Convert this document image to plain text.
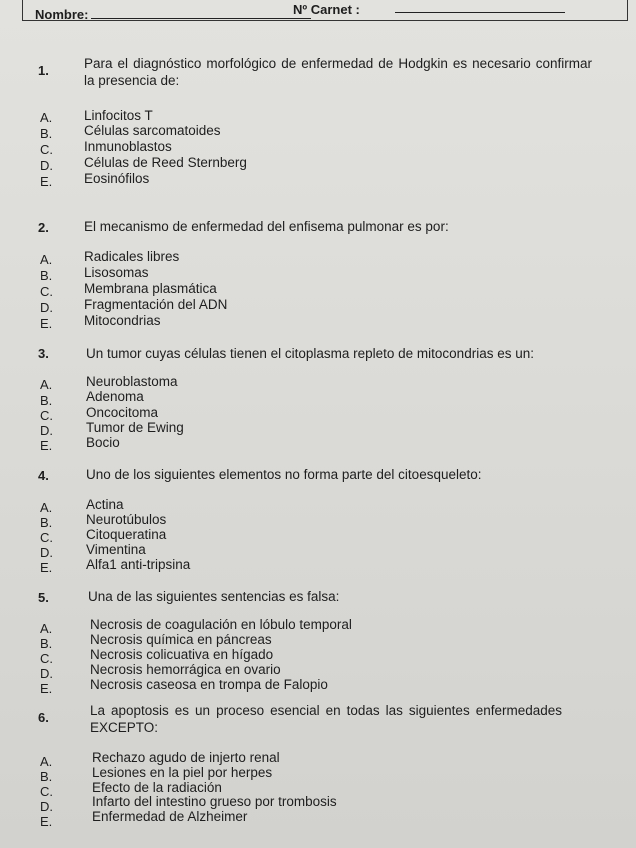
Nombre:	Nº Carnet :
1.	Para el diagnóstico morfológico de enfermedad de Hodgkin es necesario confirmar la presencia de:
A. Linfocitos T
B. Células sarcomatoides
C. Inmunoblastos
D. Células de Reed Sternberg
E. Eosinófilos
2.	El mecanismo de enfermedad del enfisema pulmonar es por:
A. Radicales libres
B. Lisosomas
C. Membrana plasmática
D. Fragmentación del ADN
E. Mitocondrias
3.	Un tumor cuyas células tienen el citoplasma repleto de mitocondrias es un:
A. Neuroblastoma
B. Adenoma
C. Oncocitoma
D. Tumor de Ewing
E. Bocio
4.	Uno de los siguientes elementos no forma parte del citoesqueleto:
A. Actina
B. Neurotúbulos
C. Citoqueratina
D. Vimentina
E. Alfa1 anti-tripsina
5.	Una de las siguientes sentencias es falsa:
A.	Necrosis de coagulación en lóbulo temporal
B.	Necrosis química en páncreas
C.	Necrosis colicuativa en hígado
D.	Necrosis hemorrágica en ovario
E.	Necrosis caseosa en trompa de Falopio
6.	La apoptosis es un proceso esencial en todas las siguientes enfermedades EXCEPTO:
A.	Rechazo agudo de injerto renal
B.	Lesiones en la piel por herpes
C.	Efecto de la radiación
D.	Infarto del intestino grueso por trombosis
E.	Enfermedad de Alzheimer
